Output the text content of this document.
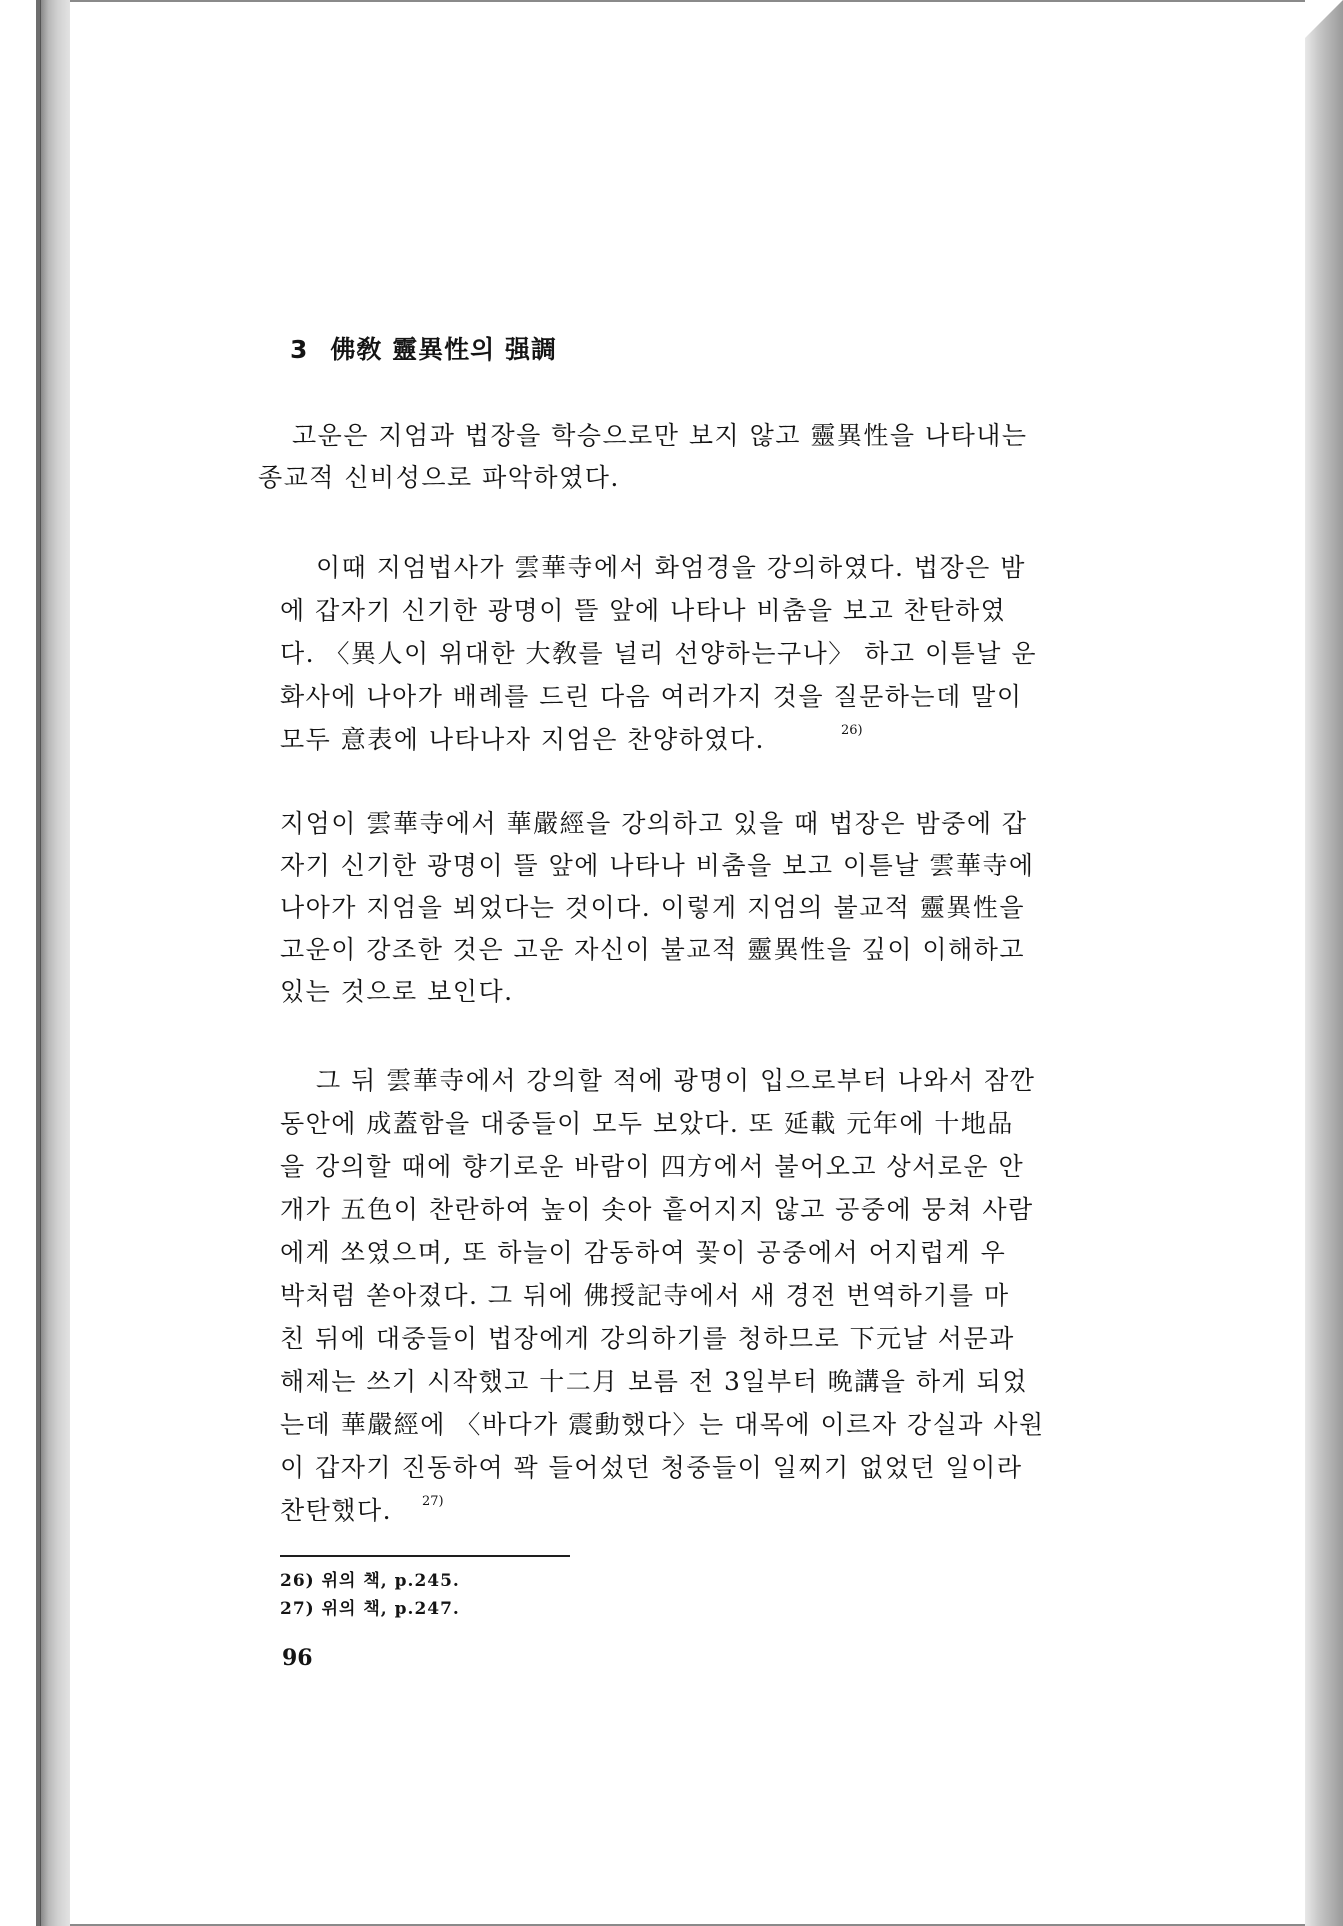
3 佛敎 靈異性의 强調
고운은 지엄과 법장을 학승으로만 보지 않고 靈異性을 나타내는
종교적 신비성으로 파악하였다.
이때 지엄법사가 雲華寺에서 화엄경을 강의하였다. 법장은 밤
에 갑자기 신기한 광명이 뜰 앞에 나타나 비춤을 보고 찬탄하였
다. 〈異人이 위대한 大敎를 널리 선양하는구나〉 하고 이튿날 운
화사에 나아가 배례를 드린 다음 여러가지 것을 질문하는데 말이
모두 意表에 나타나자 지엄은 찬양하였다.	26)
지엄이 雲華寺에서 華嚴經을 강의하고 있을 때 법장은 밤중에 갑
자기 신기한 광명이 뜰 앞에 나타나 비춤을 보고 이튿날 雲華寺에
나아가 지엄을 뵈었다는 것이다. 이렇게 지엄의 불교적 靈異性을
고운이 강조한 것은 고운 자신이 불교적 靈異性을 깊이 이해하고
있는 것으로 보인다.
그 뒤 雲華寺에서 강의할 적에 광명이 입으로부터 나와서 잠깐
동안에 成蓋함을 대중들이 모두 보았다. 또 延載 元年에 十地品
을 강의할 때에 향기로운 바람이 四方에서 불어오고 상서로운 안
개가 五色이 찬란하여 높이 솟아 흩어지지 않고 공중에 뭉쳐 사람
에게 쏘였으며, 또 하늘이 감동하여 꽃이 공중에서 어지럽게 우
박처럼 쏟아졌다. 그 뒤에 佛授記寺에서 새 경전 번역하기를 마
친 뒤에 대중들이 법장에게 강의하기를 청하므로 下元날 서문과
해제는 쓰기 시작했고 十二月 보름 전 3일부터 晩講을 하게 되었
는데 華嚴經에 〈바다가 震動했다〉는 대목에 이르자 강실과 사원
이 갑자기 진동하여 꽉 들어섰던 청중들이 일찌기 없었던 일이라
찬탄했다. 27)
26) 위의 책, p.245.
27) 위의 책, p.247.
96
